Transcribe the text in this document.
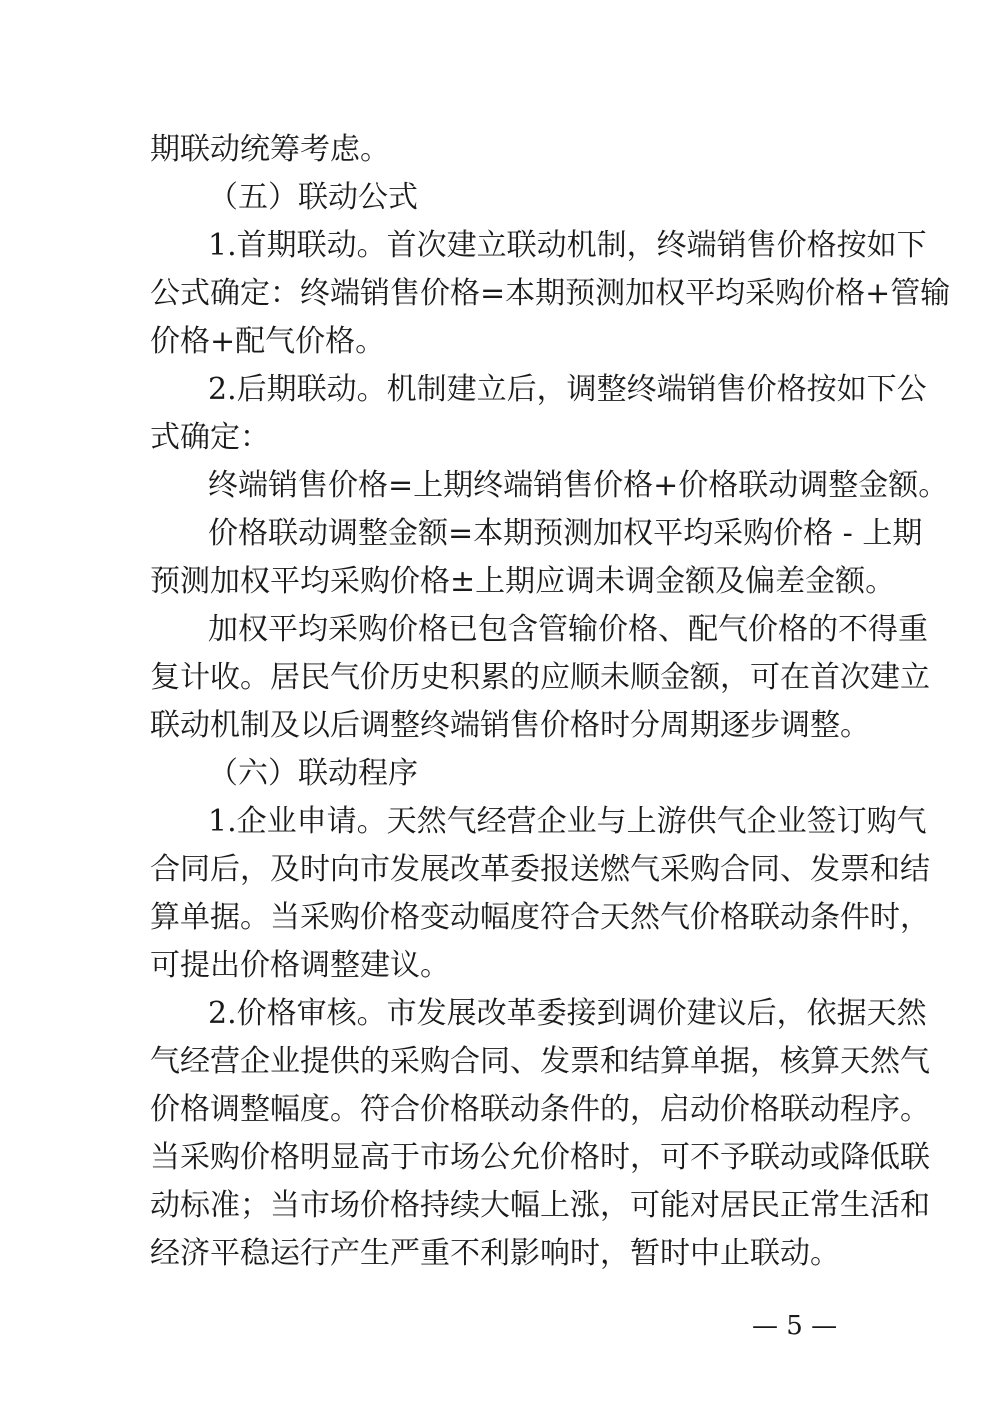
期联动统筹考虑。
（五）联动公式
1.首期联动。首次建立联动机制，终端销售价格按如下
公式确定：终端销售价格=本期预测加权平均采购价格+管输
价格+配气价格。
2.后期联动。机制建立后，调整终端销售价格按如下公
式确定：
终端销售价格=上期终端销售价格+价格联动调整金额。
价格联动调整金额=本期预测加权平均采购价格 - 上期
预测加权平均采购价格±上期应调未调金额及偏差金额。
加权平均采购价格已包含管输价格、配气价格的不得重
复计收。居民气价历史积累的应顺未顺金额，可在首次建立
联动机制及以后调整终端销售价格时分周期逐步调整。
（六）联动程序
1.企业申请。天然气经营企业与上游供气企业签订购气
合同后，及时向市发展改革委报送燃气采购合同、发票和结
算单据。当采购价格变动幅度符合天然气价格联动条件时，
可提出价格调整建议。
2.价格审核。市发展改革委接到调价建议后，依据天然
气经营企业提供的采购合同、发票和结算单据，核算天然气
价格调整幅度。符合价格联动条件的，启动价格联动程序。
当采购价格明显高于市场公允价格时，可不予联动或降低联
动标准；当市场价格持续大幅上涨，可能对居民正常生活和
经济平稳运行产生严重不利影响时，暂时中止联动。
— 5 —
